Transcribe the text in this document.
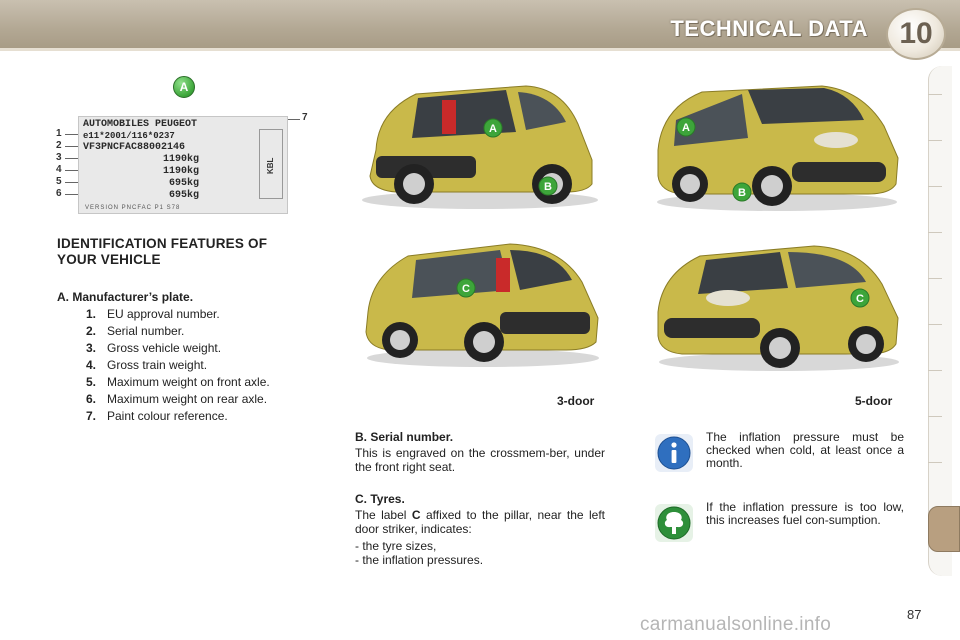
TECHNICAL DATA	10
A
1
2
3
4
5
6
7
AUTOMOBILES PEUGEOT
e11*2001/116*0237
VF3PNCFAC88002146
1190kg
1190kg
695kg
695kg
KBL
VERSION PNCFAC P1 S78
IDENTIFICATION FEATURES OF YOUR VEHICLE
A. Manufacturer’s plate.
1. EU approval number.
2. Serial number.
3. Gross vehicle weight.
4. Gross train weight.
5. Maximum weight on front axle.
6. Maximum weight on rear axle.
7. Paint colour reference.
A
B
A
B
C
C
3-door	5-door
B. Serial number.
This is engraved on the crossmem-ber, under the front right seat.
C. Tyres.
The label C affixed to the pillar, near the left door striker, indicates:
- the tyre sizes,
- the inflation pressures.
The inflation pressure must be checked when cold, at least once a month.
If the inflation pressure is too low, this increases fuel con-sumption.
87
carmanualsonline.info
